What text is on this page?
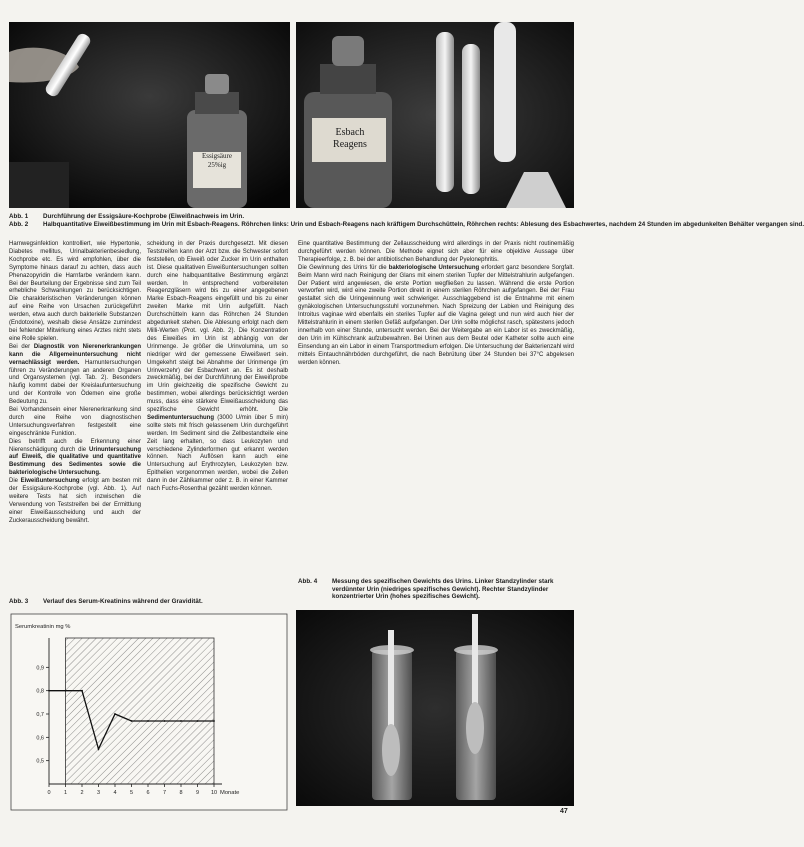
Essigsäure
25%ig
Esbach
Reagens
Abb. 1 Durchführung der Essigsäure-Kochprobe (Eiweißnachweis im Urin.
Abb. 2 Halbquantitative Eiweißbestimmung im Urin mit Esbach-Reagens. Röhrchen links: Urin und Esbach-Reagens nach kräftigem Durchschütteln, Röhrchen rechts: Ablesung des Esbachwertes, nachdem 24 Stunden im abgedunkelten Behälter vergangen sind.

Harnwegsinfektion kontrolliert, wie Hypertonie, Diabetes mellitus, Urinalbakterienbesiedlung, Kochprobe etc. Es wird empfohlen, über die Symptome hinaus darauf zu achten, dass auch Phenazopyridin die Harnfarbe verändern kann. Bei der Beurteilung der Ergebnisse sind zum Teil erhebliche Schwankungen zu berücksichtigen. Die charakteristischen Veränderungen können auf eine Reihe von Ursachen zurückgeführt werden, etwa auch durch bakterielle Substanzen (Endotoxine), weshalb diese Ansätze zumindest bei fehlender Mitwirkung eines Arztes nicht stets eine Rolle spielen.

Bei der Diagnostik von Nierenerkrankungen kann die Allgemeinuntersuchung nicht vernachlässigt werden. Harnuntersuchungen führen zu Veränderungen an anderen Organen und Organsystemen (vgl. Tab. 2). Besonders häufig kommt dabei der Kreislaufuntersuchung und der Kontrolle von Ödemen eine große Bedeutung zu.

Bei Vorhandensein einer Nierenerkrankung sind durch eine Reihe von diagnostischen Untersuchungsverfahren festgestellt eine eingeschränkte Funktion.

Dies betrifft auch die Erkennung einer Nierenschädigung durch die Urinuntersuchung auf Eiweiß, die qualitative und quantitative Bestimmung des Sedimentes sowie die bakteriologische Untersuchung.

Die Eiweißuntersuchung erfolgt am besten mit der Essigsäure-Kochprobe (vgl. Abb. 1). Auf weitere Tests hat sich inzwischen die Verwendung von Teststreifen bei der Ermittlung einer Eiweißausscheidung und auch der Zuckerausscheidung bewährt.

scheidung in der Praxis durchgesetzt. Mit diesen Teststreifen kann der Arzt bzw. die Schwester sofort feststellen, ob Eiweiß oder Zucker im Urin enthalten ist. Diese qualitativen Eiweißuntersuchungen sollten durch eine halbquantitative Bestimmung ergänzt werden. In entsprechend vorbereiteten Reagenzgläsern wird bis zu einer angegebenen Marke Esbach-Reagens eingefüllt und bis zu einer zweiten Marke mit Urin aufgefüllt. Nach Durchschütteln kann das Röhrchen 24 Stunden abgedunkelt stehen. Die Ablesung erfolgt nach dem Milli-Werten (Prot. vgl. Abb. 2). Die Konzentration des Eiweißes im Urin ist abhängig von der Urinmenge. Je größer die Urinvolumina, um so niedriger wird der gemessene Eiweißwert sein. Umgekehrt steigt bei Abnahme der Urinmenge (im Urinverzehr) der Esbachwert an. Es ist deshalb zweckmäßig, bei der Durchführung der Eiweißprobe im Urin gleichzeitig die spezifische Gewicht zu bestimmen, wobei allerdings berücksichtigt werden muss, dass eine stärkere Eiweißausscheidung das spezifische Gewicht erhöht. Die Sedimentuntersuchung (3000 U/min über 5 min) sollte stets mit frisch gelassenem Urin durchgeführt werden. Im Sediment sind die Zellbestandteile eine Zeit lang erhalten, so dass Leukozyten und verschiedene Zylinderformen gut erkannt werden können. Nach Auflösen kann auch eine Untersuchung auf Erythrozyten, Leukozyten bzw. Epithelien vorgenommen werden, wobei die Zellen dann in der Zählkammer oder z. B. in einer Kammer nach Fuchs-Rosenthal gezählt werden können.

Eine quantitative Bestimmung der Zellausscheidung wird allerdings in der Praxis nicht routinemäßig durchgeführt werden können. Die Methode eignet sich aber für eine objektive Aussage über Therapieerfolge, z. B. bei der antibiotischen Behandlung der Pyelonephritis.

Die Gewinnung des Urins für die bakteriologische Untersuchung erfordert ganz besondere Sorgfalt. Beim Mann wird nach Reinigung der Glans mit einem sterilen Tupfer der Mittelstrahlurin aufgefangen. Der Patient wird angewiesen, die erste Portion wegfließen zu lassen. Während die erste Portion verworfen wird, wird eine zweite Portion direkt in einem sterilen Röhrchen aufgefangen. Bei der Frau gestaltet sich die Uringewinnung weit schwieriger. Ausschlaggebend ist die Entnahme mit einem gynäkologischen Untersuchungsstuhl vorzunehmen. Nach Spreizung der Labien und Reinigung des Introitus vaginae wird ebenfalls ein steriles Tupfer auf die Vagina gelegt und nun wird auch hier der Mittelstrahlurin in einem sterilen Gefäß aufgefangen. Der Urin sollte möglichst rasch, spätestens jedoch innerhalb von einer Stunde, untersucht werden. Bei der Weitergabe an ein Labor ist es zweckmäßig, den Urin im Kühlschrank aufzubewahren. Bei Urinen aus dem Beutel oder Katheter sollte auch eine Einsendung an ein Labor in einem Transportmedium erfolgen. Die Untersuchung der Bakterienzahl wird mittels Eintauchnährböden durchgeführt, die nach Bebrütung über 24 Stunden bei 37°C abgelesen werden können.

Abb. 3 Verlauf des Serum-Kreatinins während der Gravidität.
Abb. 4 Messung des spezifischen Gewichts des Urins. Linker Standzylinder stark verdünnter Urin (niedriges spezifisches Gewicht). Rechter Standzylinder konzentrierter Urin (hohes spezifisches Gewicht).
0,5
0,6
0,7
0,8
0,9
0 1 2 3 4 5 6 7 8 9 10
Serumkreatinin mg %
Monate
47
